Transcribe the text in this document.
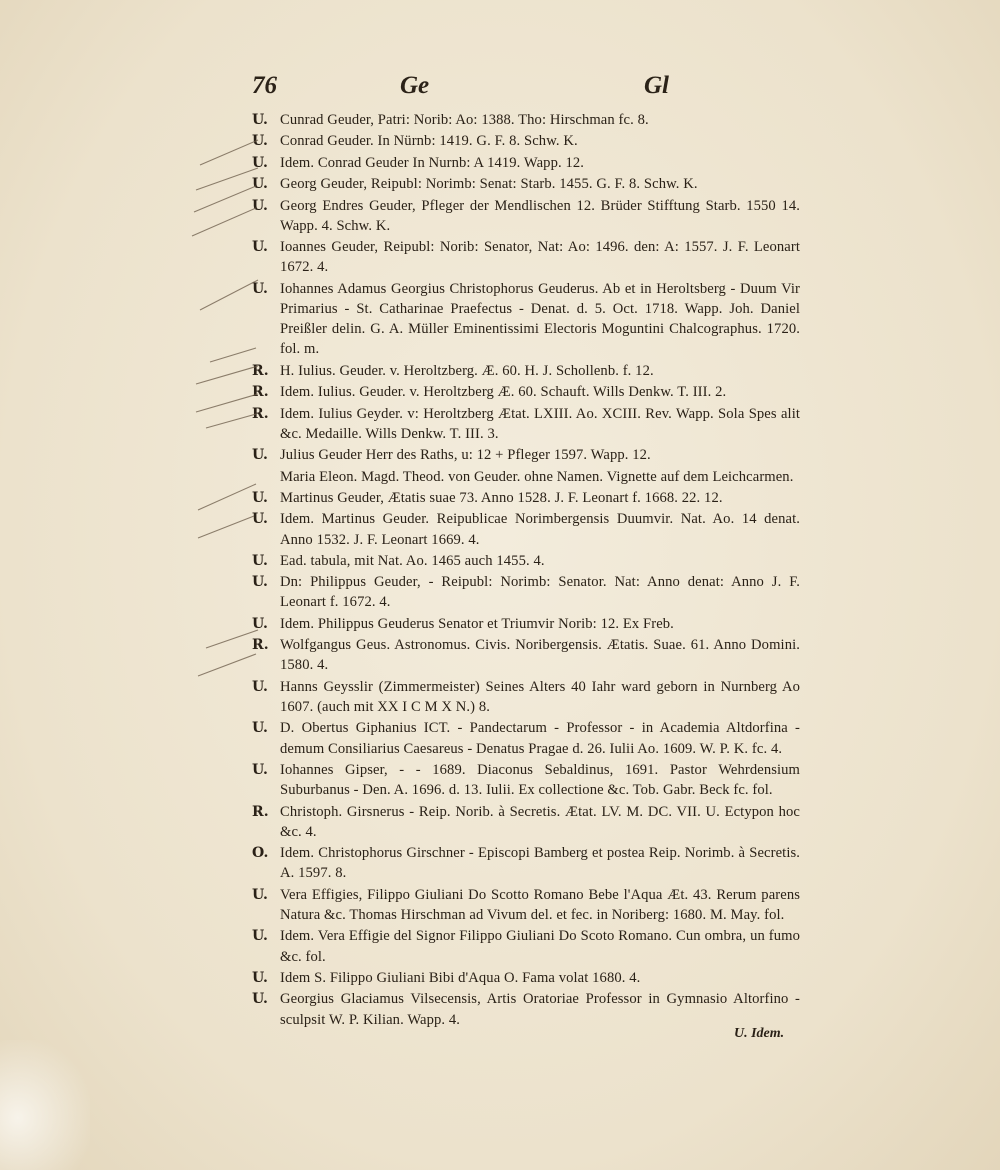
76	Ge	Gl

U. Cunrad Geuder, Patri: Norib: Ao: 1388. Tho: Hirschman fc. 8.

U. Conrad Geuder. In Nürnb: 1419. G. F. 8. Schw. K.

U. Idem. Conrad Geuder In Nurnb: A 1419. Wapp. 12.

U. Georg Geuder, Reipubl: Norimb: Senat: Starb. 1455. G. F. 8. Schw. K.

U. Georg Endres Geuder, Pfleger der Mendlischen 12. Brüder Stifftung Starb. 1550 14. Wapp. 4. Schw. K.

U. Ioannes Geuder, Reipubl: Norib: Senator, Nat: Ao: 1496. den: A: 1557. J. F. Leonart 1672. 4.

U. Iohannes Adamus Georgius Christophorus Geuderus. Ab et in Heroltsberg - Duum Vir Primarius - St. Catharinae Praefectus - Denat. d. 5. Oct. 1718. Wapp. Joh. Daniel Preißler delin. G. A. Müller Eminentissimi Electoris Moguntini Chalcographus. 1720. fol. m.

R. H. Iulius. Geuder. v. Heroltzberg. Æ. 60. H. J. Schollenb. f. 12.

R. Idem. Iulius. Geuder. v. Heroltzberg Æ. 60. Schauft. Wills Denkw. T. III. 2.

R. Idem. Iulius Geyder. v: Heroltzberg Ætat. LXIII. Ao. XCIII. Rev. Wapp. Sola Spes alit &c. Medaille. Wills Denkw. T. III. 3.

U. Julius Geuder Herr des Raths, u: 12 + Pfleger 1597. Wapp. 12.

Maria Eleon. Magd. Theod. von Geuder. ohne Namen. Vignette auf dem Leichcarmen.

U. Martinus Geuder, Ætatis suae 73. Anno 1528. J. F. Leonart f. 1668. 22. 12.

U. Idem. Martinus Geuder. Reipublicae Norimbergensis Duumvir. Nat. Ao. 14 denat. Anno 1532. J. F. Leonart 1669. 4.

U. Ead. tabula, mit Nat. Ao. 1465 auch 1455. 4.

U. Dn: Philippus Geuder, - Reipubl: Norimb: Senator. Nat: Anno denat: Anno J. F. Leonart f. 1672. 4.

U. Idem. Philippus Geuderus Senator et Triumvir Norib: 12. Ex Freb.

R. Wolfgangus Geus. Astronomus. Civis. Noribergensis. Ætatis. Suae. 61. Anno Domini. 1580. 4.

U. Hanns Geysslir (Zimmermeister) Seines Alters 40 Iahr ward geborn in Nurnberg Ao 1607. (auch mit XX I C M X N.) 8.

U. D. Obertus Giphanius ICT. - Pandectarum - Professor - in Academia Altdorfina - demum Consiliarius Caesareus - Denatus Pragae d. 26. Iulii Ao. 1609. W. P. K. fc. 4.

U. Iohannes Gipser, - - 1689. Diaconus Sebaldinus, 1691. Pastor Wehrdensium Suburbanus - Den. A. 1696. d. 13. Iulii. Ex collectione &c. Tob. Gabr. Beck fc. fol.

R. Christoph. Girsnerus - Reip. Norib. à Secretis. Ætat. LV. M. DC. VII. U. Ectypon hoc &c. 4.

O. Idem. Christophorus Girschner - Episcopi Bamberg et postea Reip. Norimb. à Secretis. A. 1597. 8.

U. Vera Effigies, Filippo Giuliani Do Scotto Romano Bebe l'Aqua Æt. 43. Rerum parens Natura &c. Thomas Hirschman ad Vivum del. et fec. in Noriberg: 1680. M. May. fol.

U. Idem. Vera Effigie del Signor Filippo Giuliani Do Scoto Romano. Cun ombra, un fumo &c. fol.

U. Idem S. Filippo Giuliani Bibi d'Aqua O. Fama volat 1680. 4.

U. Georgius Glaciamus Vilsecensis, Artis Oratoriae Professor in Gymnasio Altorfino - sculpsit W. P. Kilian. Wapp. 4.

U. Idem.
